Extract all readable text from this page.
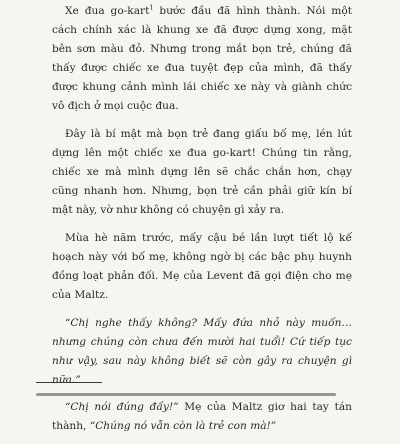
Xe đua go-kart$^1$ bước đầu đã hình thành. Nói một cách chính xác là khung xe đã được dựng xong, mặt bên sơn màu đỏ. Nhưng trong mắt bọn trẻ, chúng đã thấy được chiếc xe đua tuyệt đẹp của mình, đã thấy được khung cảnh mình lái chiếc xe này và giành chức vô địch ở mọi cuộc đua.

Đây là bí mật mà bọn trẻ đang giấu bố mẹ, lén lút dựng lên một chiếc xe đua go-kart! Chúng tin rằng, chiếc xe mà mình dựng lên sẽ chắc chắn hơn, chạy cũng nhanh hơn. Nhưng, bọn trẻ cần phải giữ kín bí mật này, vờ như không có chuyện gì xảy ra.

Mùa hè năm trước, mấy cậu bé lần lượt tiết lộ kế hoạch này với bố mẹ, không ngờ bị các bậc phụ huynh đồng loạt phản đối. Mẹ của Levent đã gọi điện cho mẹ của Maltz.

“Chị nghe thấy không? Mấy đứa nhỏ này muốn… nhưng chúng còn chưa đến mười hai tuổi! Cứ tiếp tục như vậy, sau này không biết sẽ còn gây ra chuyện gì nữa.”

“Chị nói đúng đấy!” Mẹ của Maltz giơ hai tay tán thành, “Chúng nó vẫn còn là trẻ con mà!”
